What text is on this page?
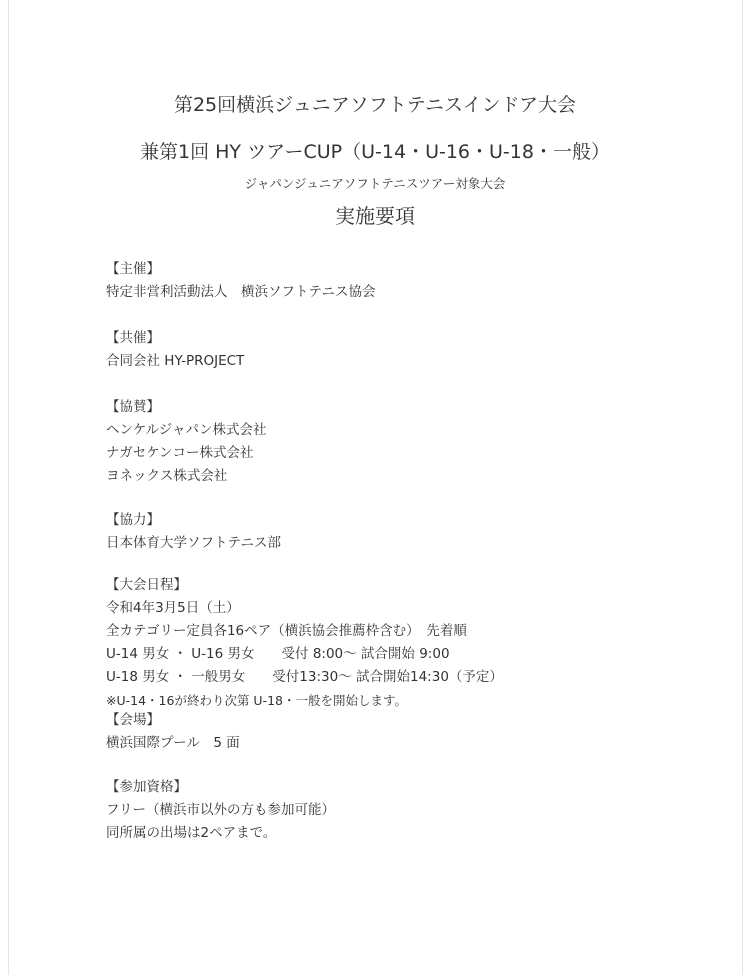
第25回横浜ジュニアソフトテニスインドア大会
兼第1回 HY ツアーCUP（U-14・U-16・U-18・一般）
ジャパンジュニアソフトテニスツアー対象大会
実施要項
【主催】
特定非営利活動法人　横浜ソフトテニス協会
【共催】
合同会社 HY-PROJECT
【協賛】
ヘンケルジャパン株式会社
ナガセケンコー株式会社
ヨネックス株式会社
【協力】
日本体育大学ソフトテニス部
【大会日程】
令和4年3月5日（土）
全カテゴリー定員各16ペア（横浜協会推薦枠含む）　先着順
U-14 男女 ・ U-16 男女　　受付 8:00～ 試合開始 9:00
U-18 男女 ・ 一般男女　　受付13:30～ 試合開始14:30（予定）
※U-14・16が終わり次第 U-18・一般を開始します。
【会場】
横浜国際プール　5 面
【参加資格】
フリー（横浜市以外の方も参加可能）
同所属の出場は2ペアまで。
